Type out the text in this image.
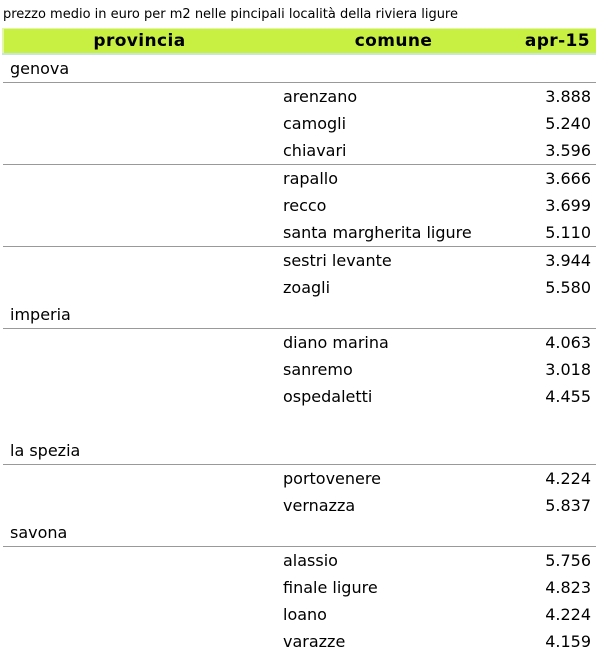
prezzo medio in euro per m2 nelle pincipali località della riviera ligure
provincia	comune	apr-15
genova		
	arenzano	3.888
	camogli	5.240
	chiavari	3.596
	rapallo	3.666
	recco	3.699
	santa margherita ligure	5.110
	sestri levante	3.944
	zoagli	5.580
imperia		
	diano marina	4.063
	sanremo	3.018
	ospedaletti	4.455

la spezia		
	portovenere	4.224
	vernazza	5.837
savona		
	alassio	5.756
	finale ligure	4.823
	loano	4.224
	varazze	4.159
